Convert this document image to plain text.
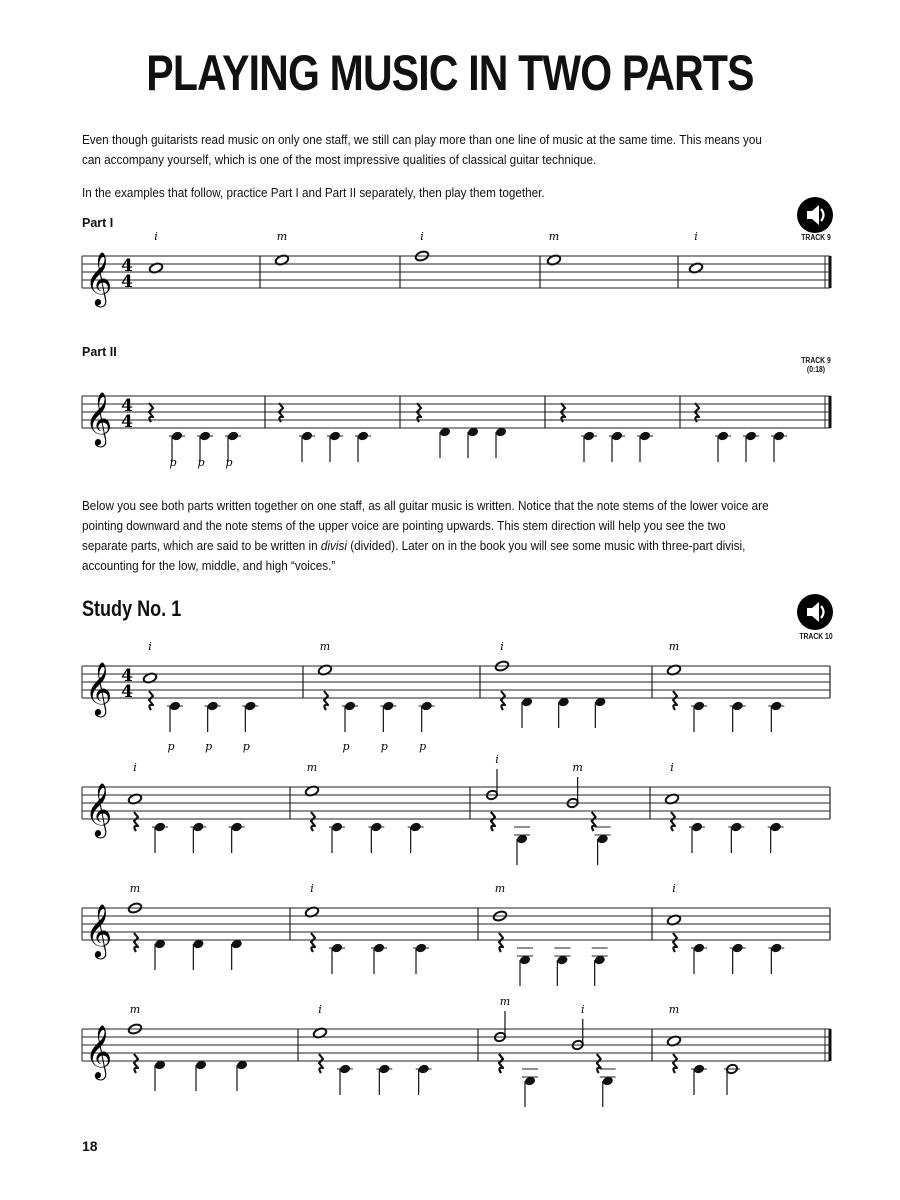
PLAYING MUSIC IN TWO PARTS

Even though guitarists read music on only one staff, we still can play more than one line of music at the same time. This means you can accompany yourself, which is one of the most impressive qualities of classical guitar technique.

In the examples that follow, practice Part I and Part II separately, then play them together.

Part I

TRACK 9

Part II

TRACK 9
(0:18)

Below you see both parts written together on one staff, as all guitar music is written. Notice that the note stems of the lower voice are pointing downward and the note stems of the upper voice are pointing upwards. This stem direction will help you see the two separate parts, which are said to be written in divisi (divided). Later on in the book you will see some music with three-part divisi, accounting for the low, middle, and high “voices.”

Study No. 1
TRACK 10
𝄞 4
4
i	m	i	m	i
𝄞 4
4
p p p
𝄞 4
4
i
p	p	p
m
p	p	p
i	m
𝄞
i	m
i
m	i
𝄞
m	i	m	i
𝄞
m	i
m
i	m
18
